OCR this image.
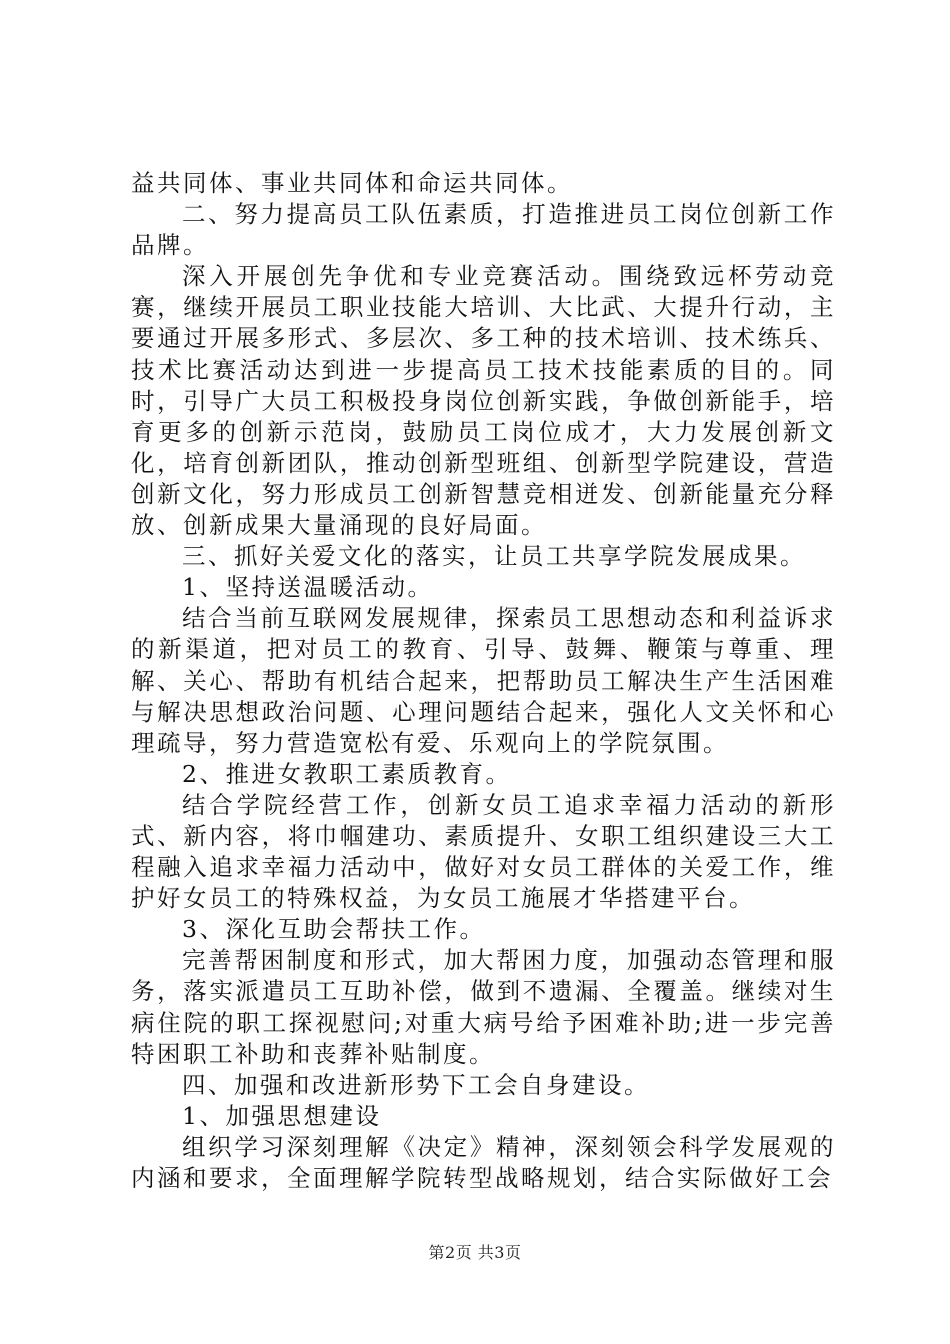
益共同体、事业共同体和命运共同体。

二、努力提高员工队伍素质，打造推进员工岗位创新工作品牌。

深入开展创先争优和专业竞赛活动。围绕致远杯劳动竞赛，继续开展员工职业技能大培训、大比武、大提升行动，主要通过开展多形式、多层次、多工种的技术培训、技术练兵、技术比赛活动达到进一步提高员工技术技能素质的目的。同时，引导广大员工积极投身岗位创新实践，争做创新能手，培育更多的创新示范岗，鼓励员工岗位成才，大力发展创新文化，培育创新团队，推动创新型班组、创新型学院建设，营造创新文化，努力形成员工创新智慧竞相迸发、创新能量充分释放、创新成果大量涌现的良好局面。

三、抓好关爱文化的落实，让员工共享学院发展成果。

1、坚持送温暖活动。

结合当前互联网发展规律，探索员工思想动态和利益诉求的新渠道，把对员工的教育、引导、鼓舞、鞭策与尊重、理解、关心、帮助有机结合起来，把帮助员工解决生产生活困难与解决思想政治问题、心理问题结合起来，强化人文关怀和心理疏导，努力营造宽松有爱、乐观向上的学院氛围。

2、推进女教职工素质教育。

结合学院经营工作，创新女员工追求幸福力活动的新形式、新内容，将巾帼建功、素质提升、女职工组织建设三大工程融入追求幸福力活动中，做好对女员工群体的关爱工作，维护好女员工的特殊权益，为女员工施展才华搭建平台。

3、深化互助会帮扶工作。

完善帮困制度和形式，加大帮困力度，加强动态管理和服务，落实派遣员工互助补偿，做到不遗漏、全覆盖。继续对生病住院的职工探视慰问;对重大病号给予困难补助;进一步完善特困职工补助和丧葬补贴制度。

四、加强和改进新形势下工会自身建设。

1、加强思想建设

组织学习深刻理解《决定》精神，深刻领会科学发展观的内涵和要求，全面理解学院转型战略规划，结合实际做好工会

第2页 共3页
